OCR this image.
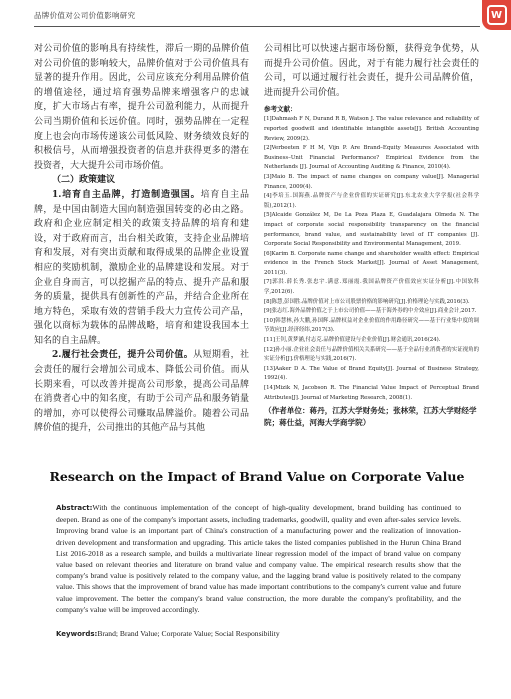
品牌价值对公司价值影响研究	W

对公司价值的影响具有持续性，滞后一期的品牌价值对公司价值的影响较大，品牌价值对于公司价值具有显著的提升作用。因此，公司应该充分利用品牌价值的增值途径，通过培育强势品牌来增强客户的忠诚度，扩大市场占有率，提升公司盈利能力，从而提升公司当期价值和长远价值。同时，强势品牌在一定程度上也会向市场传递该公司低风险、财务绩效良好的积极信号，从而增强投资者的信息并获得更多的潜在投资者，大大提升公司市场价值。

（二）政策建议

1.培育自主品牌，打造制造强国。培育自主品牌，是中国由制造大国向制造强国转变的必由之路。政府和企业应制定相关的政策支持品牌的培育和建设，对于政府而言，出台相关政策，支持企业品牌培育和发展，对有突出贡献和取得成果的品牌企业设置相应的奖励机制，激励企业的品牌建设和发展。对于企业自身而言，可以挖掘产品的特点、提升产品和服务的质量，提供具有创新性的产品，并结合企业所在地方特色，采取有效的营销手段大力宣传公司产品，强化以商标为载体的品牌战略，培育和建设我国本土知名的自主品牌。

2.履行社会责任，提升公司价值。从短期看，社会责任的履行会增加公司成本、降低公司价值。而从长期来看，可以改善并提高公司形象，提高公司品牌在消费者心中的知名度，有助于公司产品和服务销量的增加，亦可以使得公司赚取品牌溢价。随着公司品牌价值的提升，公司推出的其他产品与其他

公司相比可以快速占据市场份额，获得竞争优势，从而提升公司价值。因此，对于有能力履行社会责任的公司，可以通过履行社会责任，提升公司品牌价值，进而提升公司价值。

参考文献：

[1]Dahmash F N, Durand R B, Watson J. The value relevance and reliability of reported goodwill and identifiable intangible assets[J]. British Accounting Review, 2009(2).

[2]Verbeeten F H M, Vijn P. Are Brand–Equity Measures Associated with Business–Unit Financial Performance? Empirical Evidence from the Netherlands [J]. Journal of Accounting Auditing & Finance, 2010(4).

[3]Maio B. The impact of name changes on company value[J]. Managerial Finance, 2009(4).

[4]李培玉.国海燕.品牌资产与企业价值的实证研究[J].东北农业大学学报(社会科学版),2012(1).

[5]Alcaide González M, De La Poza Plaza E, Guadalajara Olmeda N. The impact of corporate social responsibility transparency on the financial performance, brand value, and sustainability level of IT companies [J]. Corporate Social Responsibility and Environmental Management, 2019.

[6]Karim B. Corporate name change and shareholder wealth effect: Empirical evidence in the French Stock Market[J]. Journal of Asset Management, 2011(3).

[7]郭洪.薛长秀.张忠宇.满意.郑丽霞.我国品牌资产价值效应实证分析[J].中国软科学,2012(6).

[8]陈慧,彭国胜.品牌价值对上市公司股票价格的影响研究[J].价格理论与实践,2016(3).

[9]张志红.海外品牌价值之于上市公司价值——基于海外券的中介效应[J].商业会计,2017.

[10]韩慧林,孙大鹏,孙国辉.品牌权益对企业价值的作用路径研究——基于行业集中度的调节效应[J].经济经纬,2017(3).

[11]王钊,黄梦涵,付志克.品牌价值建设与企业价值[J].财会通讯,2016(24).

[12]孙小丽.企业社会责任与品牌价值相关关系研究——基于全品行业消费者的实证视角的实证分析[J].价格理论与实践,2016(7).

[13]Aaker D A. The Value of Brand Equity[J]. Journal of Business Strategy, 1992(4).

[14]Mizik N, Jacobson R. The Financial Value Impact of Perceptual Brand Attributes[J]. Journal of Marketing Research, 2008(1).

（作者单位：蒋丹，江苏大学财务处；张林荣，江苏大学财经学院；蒋仕益，河海大学商学院）
Research on the Impact of Brand Value on Corporate Value
Abstract:With the continuous implementation of the concept of high-quality development, brand building has continued to deepen. Brand as one of the company's important assets, including trademarks, goodwill, quality and even after-sales service levels. Improving brand value is an important part of China's construction of a manufacturing power and the realization of innovation-driven development and transformation and upgrading. This article takes the listed companies published in the Hurun China Brand List 2016-2018 as a research sample, and builds a multivariate linear regression model of the impact of brand value on company value based on relevant theories and literature on brand value and company value. The empirical research results show that the company's brand value is positively related to the company value, and the lagging brand value is positively related to the company value. This shows that the improvement of brand value has made important contributions to the company's current value and future value improvement. The better the company's brand value construction, the more durable the company's profitability, and the company's value will be improved accordingly.
Keywords:Brand; Brand Value; Corporate Value; Social Responsibility
